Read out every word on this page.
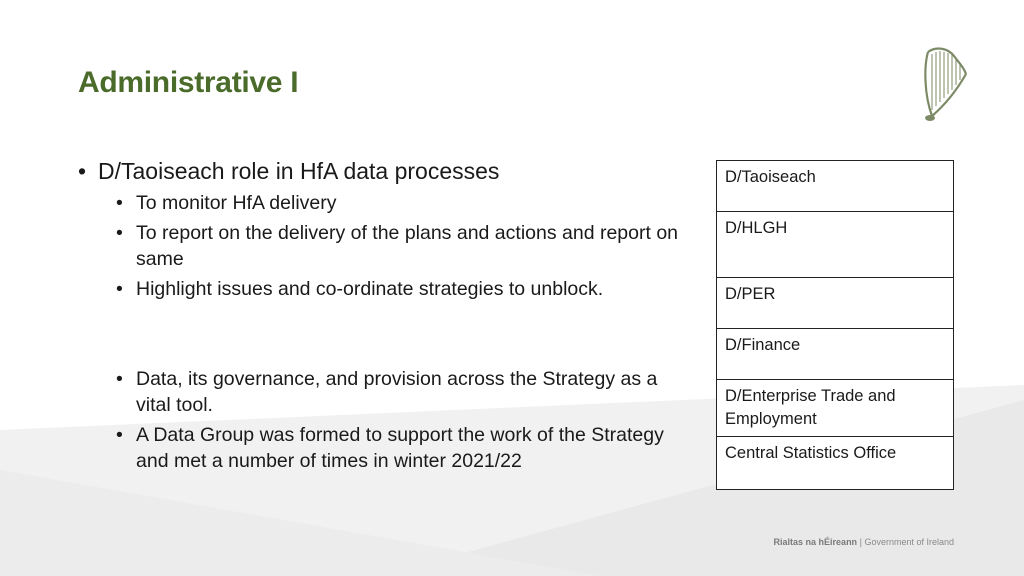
Administrative I
• D/Taoiseach role in HfA data processes
• To monitor HfA delivery
• To report on the delivery of the plans and actions and report on same
• Highlight issues and co-ordinate strategies to unblock.
• Data, its governance, and provision across the Strategy as a vital tool.
• A Data Group was formed to support the work of the Strategy and met a number of times in winter 2021/22
D/Taoiseach
D/HLGH
D/PER
D/Finance
D/Enterprise Trade and Employment
Central Statistics Office
Rialtas na hÉireann | Government of Ireland
